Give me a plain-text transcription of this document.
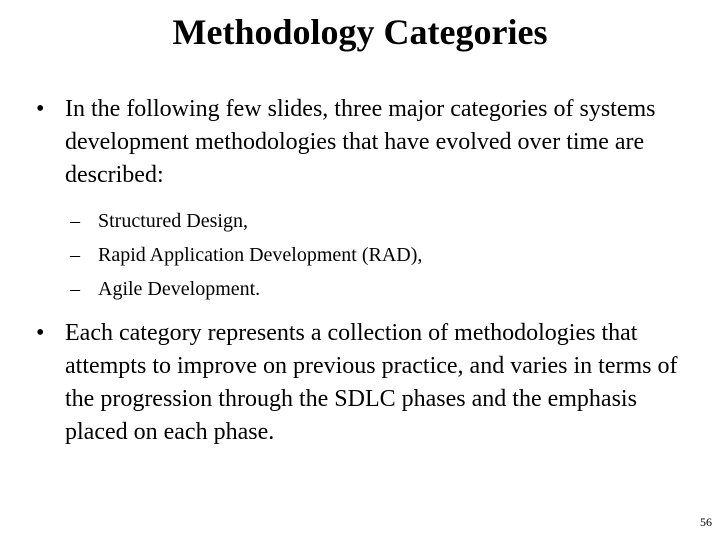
Methodology Categories
• In the following few slides, three major categories of systems development methodologies that have evolved over time are described:
– Structured Design,
– Rapid Application Development (RAD),
– Agile Development.
• Each category represents a collection of methodologies that attempts to improve on previous practice, and varies in terms of the progression through the SDLC phases and the emphasis placed on each phase.
56
